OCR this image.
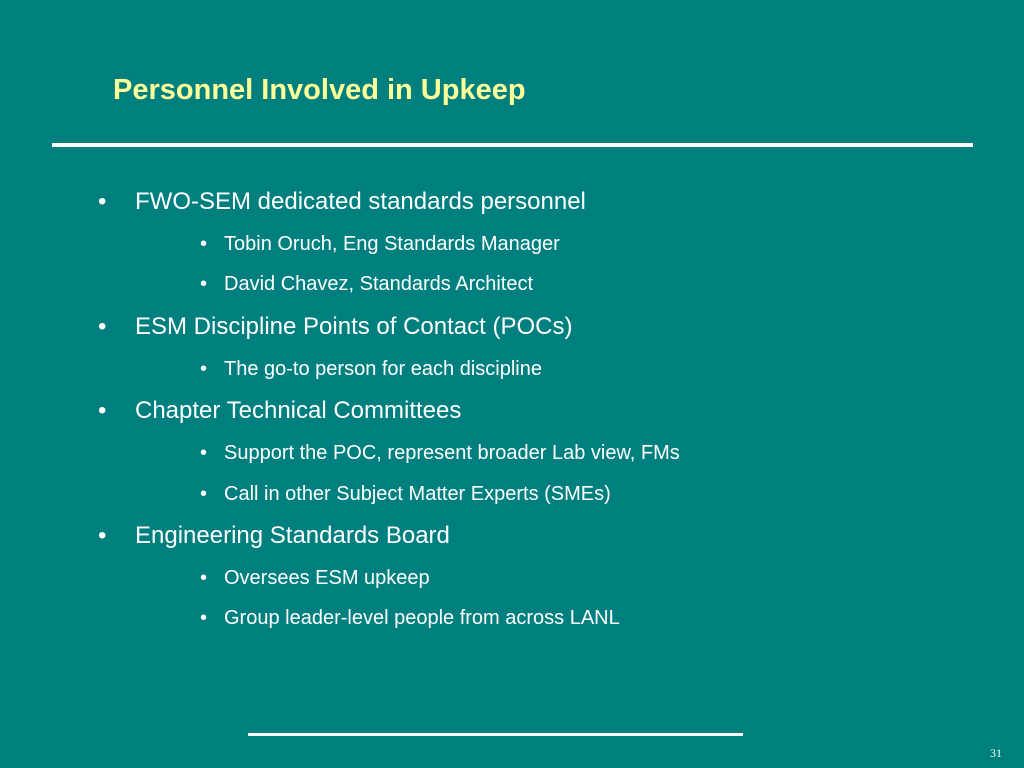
Personnel Involved in Upkeep
• FWO-SEM dedicated standards personnel
• Tobin Oruch, Eng Standards Manager
• David Chavez, Standards Architect
• ESM Discipline Points of Contact (POCs)
• The go-to person for each discipline
• Chapter Technical Committees
• Support the POC, represent broader Lab view, FMs
• Call in other Subject Matter Experts (SMEs)
• Engineering Standards Board
• Oversees ESM upkeep
• Group leader-level people from across LANL
31
